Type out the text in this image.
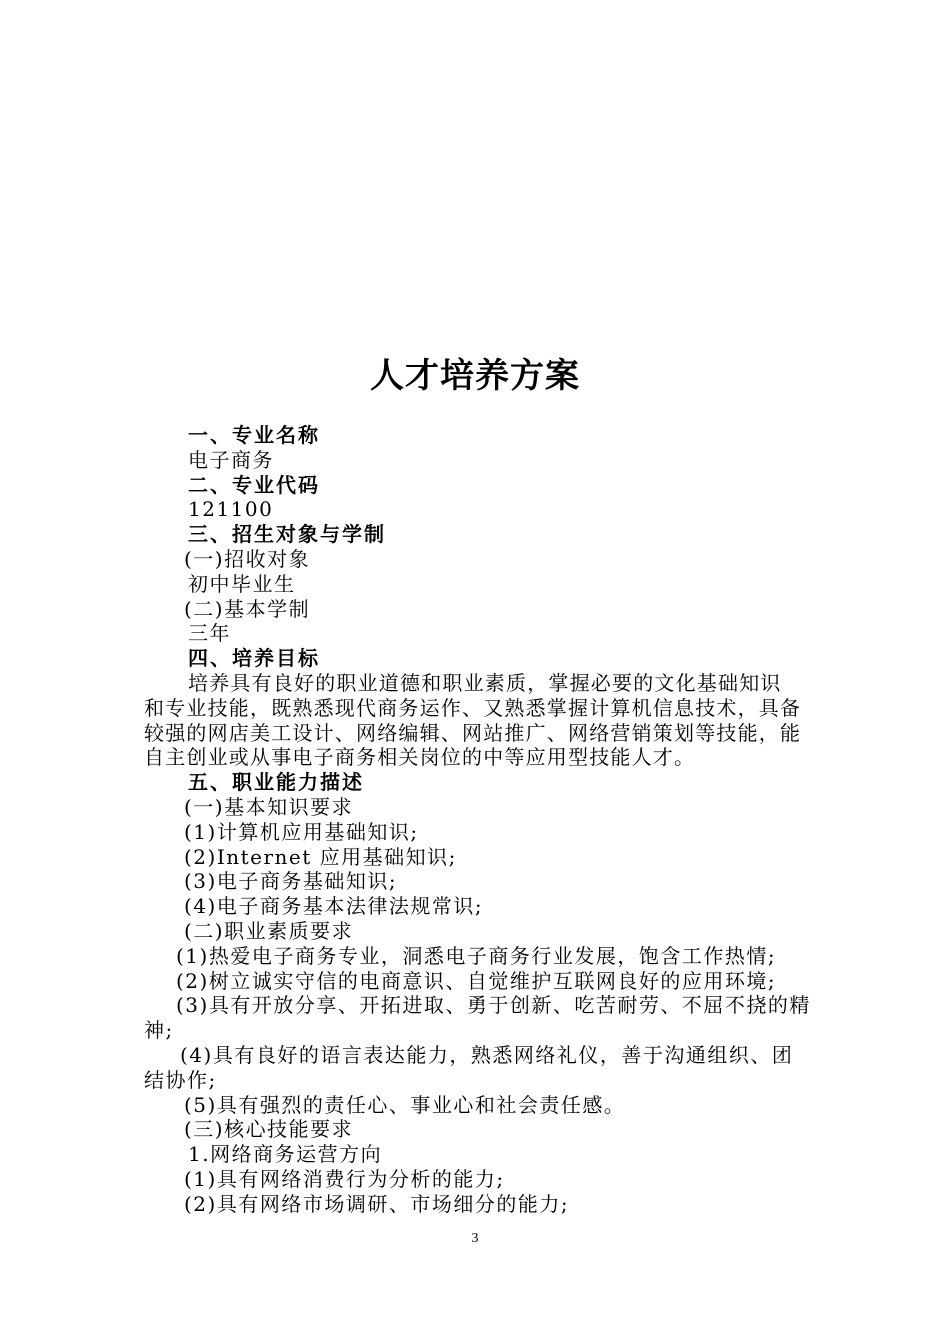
人才培养方案
一、专业名称
电子商务
二、专业代码
121100
三、招生对象与学制
(一)招收对象
初中毕业生
(二)基本学制
三年
四、培养目标
培养具有良好的职业道德和职业素质，掌握必要的文化基础知识
和专业技能，既熟悉现代商务运作、又熟悉掌握计算机信息技术，具备
较强的网店美工设计、网络编辑、网站推广、网络营销策划等技能，能
自主创业或从事电子商务相关岗位的中等应用型技能人才。
五、职业能力描述
(一)基本知识要求
(1)计算机应用基础知识;
(2)Internet 应用基础知识;
(3)电子商务基础知识;
(4)电子商务基本法律法规常识;
(二)职业素质要求
(1)热爱电子商务专业，洞悉电子商务行业发展，饱含工作热情;
(2)树立诚实守信的电商意识、自觉维护互联网良好的应用环境;
(3)具有开放分享、开拓进取、勇于创新、吃苦耐劳、不屈不挠的精
神;
(4)具有良好的语言表达能力，熟悉网络礼仪，善于沟通组织、团
结协作;
(5)具有强烈的责任心、事业心和社会责任感。
(三)核心技能要求
1.网络商务运营方向
(1)具有网络消费行为分析的能力;
(2)具有网络市场调研、市场细分的能力;
3
